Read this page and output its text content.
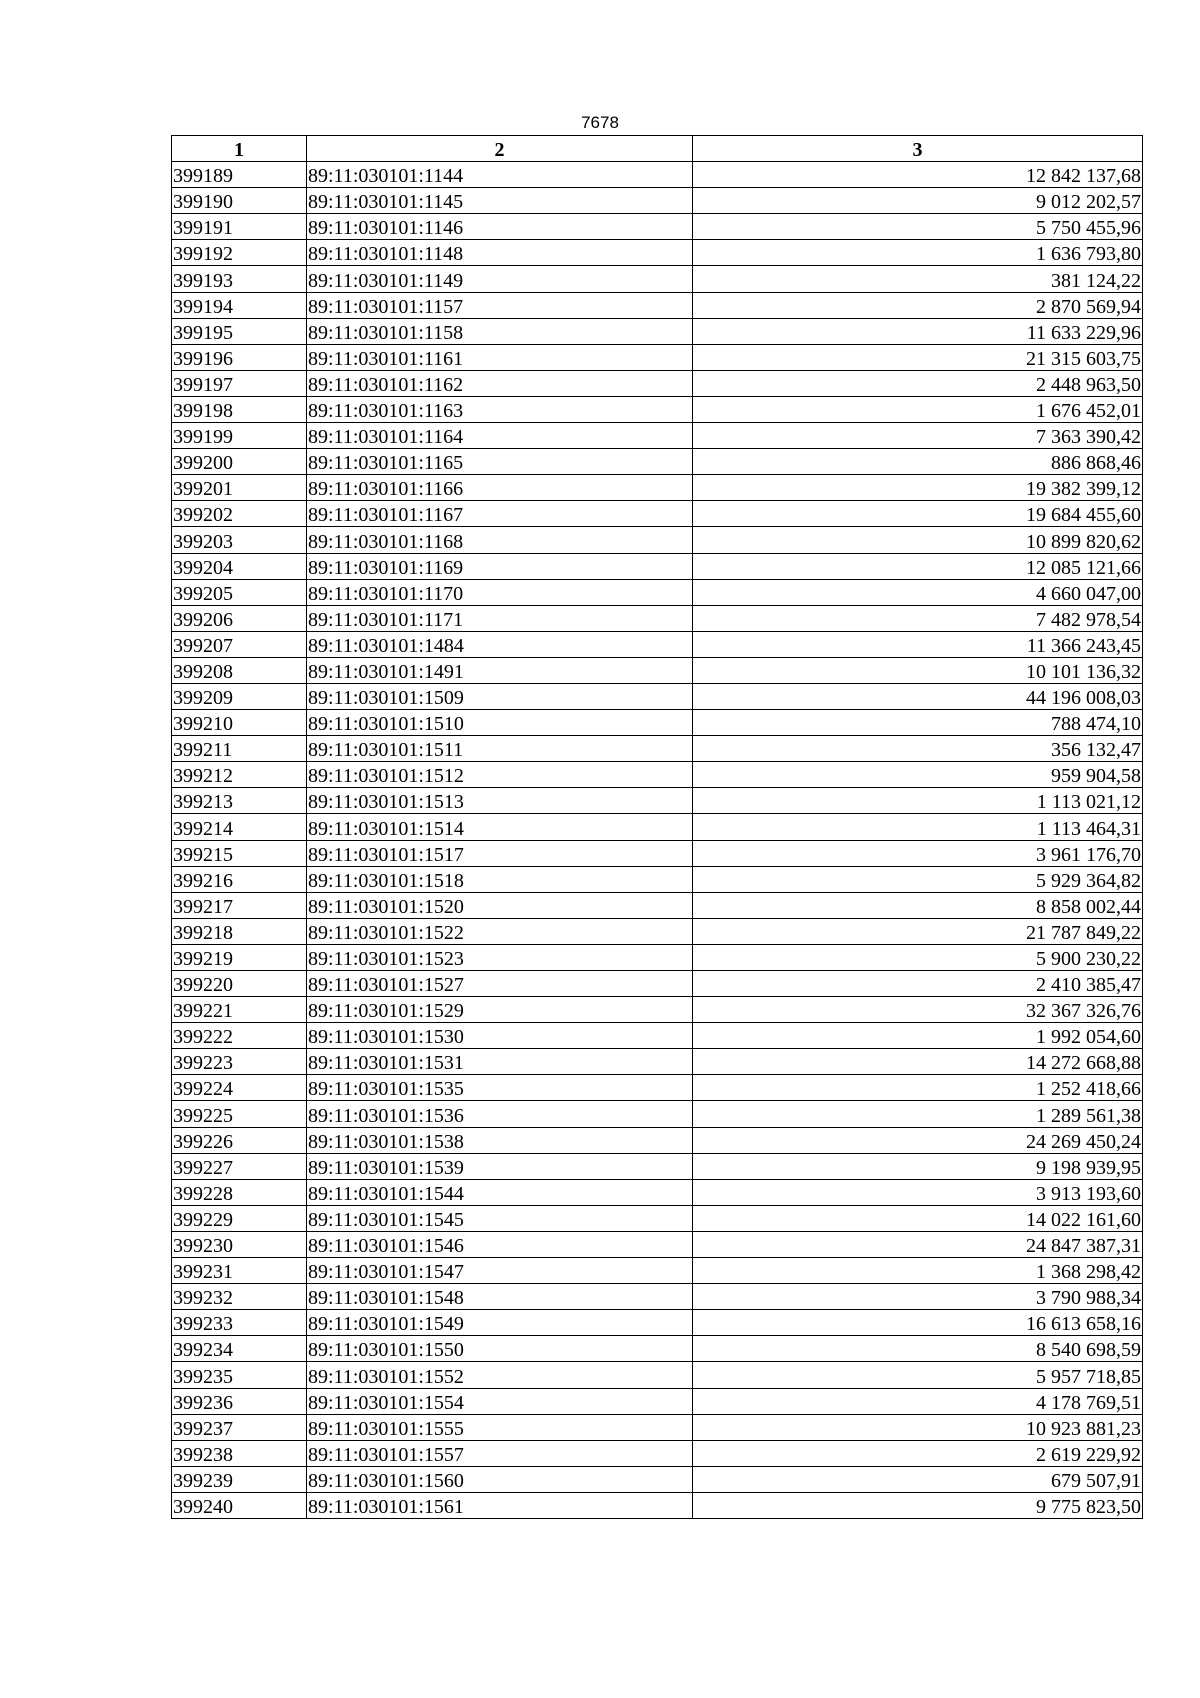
7678
1	2	3
399189	89:11:030101:1144	12 842 137,68
399190	89:11:030101:1145	9 012 202,57
399191	89:11:030101:1146	5 750 455,96
399192	89:11:030101:1148	1 636 793,80
399193	89:11:030101:1149	381 124,22
399194	89:11:030101:1157	2 870 569,94
399195	89:11:030101:1158	11 633 229,96
399196	89:11:030101:1161	21 315 603,75
399197	89:11:030101:1162	2 448 963,50
399198	89:11:030101:1163	1 676 452,01
399199	89:11:030101:1164	7 363 390,42
399200	89:11:030101:1165	886 868,46
399201	89:11:030101:1166	19 382 399,12
399202	89:11:030101:1167	19 684 455,60
399203	89:11:030101:1168	10 899 820,62
399204	89:11:030101:1169	12 085 121,66
399205	89:11:030101:1170	4 660 047,00
399206	89:11:030101:1171	7 482 978,54
399207	89:11:030101:1484	11 366 243,45
399208	89:11:030101:1491	10 101 136,32
399209	89:11:030101:1509	44 196 008,03
399210	89:11:030101:1510	788 474,10
399211	89:11:030101:1511	356 132,47
399212	89:11:030101:1512	959 904,58
399213	89:11:030101:1513	1 113 021,12
399214	89:11:030101:1514	1 113 464,31
399215	89:11:030101:1517	3 961 176,70
399216	89:11:030101:1518	5 929 364,82
399217	89:11:030101:1520	8 858 002,44
399218	89:11:030101:1522	21 787 849,22
399219	89:11:030101:1523	5 900 230,22
399220	89:11:030101:1527	2 410 385,47
399221	89:11:030101:1529	32 367 326,76
399222	89:11:030101:1530	1 992 054,60
399223	89:11:030101:1531	14 272 668,88
399224	89:11:030101:1535	1 252 418,66
399225	89:11:030101:1536	1 289 561,38
399226	89:11:030101:1538	24 269 450,24
399227	89:11:030101:1539	9 198 939,95
399228	89:11:030101:1544	3 913 193,60
399229	89:11:030101:1545	14 022 161,60
399230	89:11:030101:1546	24 847 387,31
399231	89:11:030101:1547	1 368 298,42
399232	89:11:030101:1548	3 790 988,34
399233	89:11:030101:1549	16 613 658,16
399234	89:11:030101:1550	8 540 698,59
399235	89:11:030101:1552	5 957 718,85
399236	89:11:030101:1554	4 178 769,51
399237	89:11:030101:1555	10 923 881,23
399238	89:11:030101:1557	2 619 229,92
399239	89:11:030101:1560	679 507,91
399240	89:11:030101:1561	9 775 823,50
